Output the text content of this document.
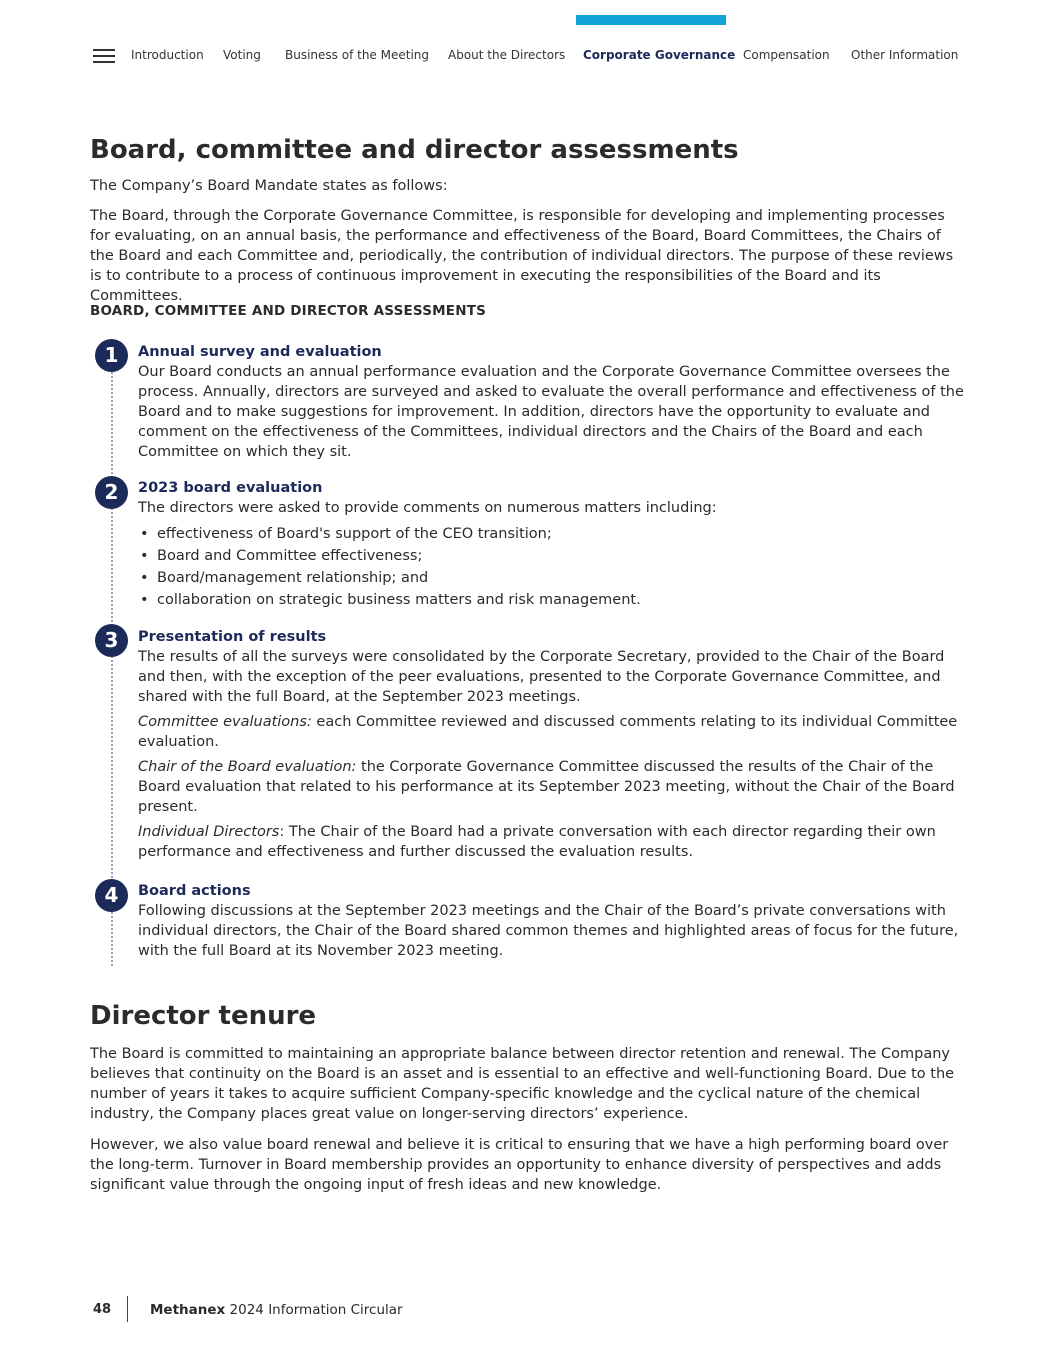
Introduction Voting Business of the Meeting About the Directors Corporate Governance Compensation Other Information
Board, committee and director assessments

The Company’s Board Mandate states as follows:

The Board, through the Corporate Governance Committee, is responsible for developing and implementing processes for evaluating, on an annual basis, the performance and effectiveness of the Board, Board Committees, the Chairs of the Board and each Committee and, periodically, the contribution of individual directors. The purpose of these reviews is to contribute to a process of continuous improvement in executing the responsibilities of the Board and its Committees.

BOARD, COMMITTEE AND DIRECTOR ASSESSMENTS
1	Annual survey and evaluation
Our Board conducts an annual performance evaluation and the Corporate Governance Committee oversees the process. Annually, directors are surveyed and asked to evaluate the overall performance and effectiveness of the Board and to make suggestions for improvement. In addition, directors have the opportunity to evaluate and comment on the effectiveness of the Committees, individual directors and the Chairs of the Board and each Committee on which they sit.
2	2023 board evaluation
The directors were asked to provide comments on numerous matters including:
• effectiveness of Board's support of the CEO transition;
• Board and Committee effectiveness;
• Board/management relationship; and
• collaboration on strategic business matters and risk management.
3	Presentation of results
The results of all the surveys were consolidated by the Corporate Secretary, provided to the Chair of the Board and then, with the exception of the peer evaluations, presented to the Corporate Governance Committee, and shared with the full Board, at the September 2023 meetings.
Committee evaluations: each Committee reviewed and discussed comments relating to its individual Committee evaluation.
Chair of the Board evaluation: the Corporate Governance Committee discussed the results of the Chair of the Board evaluation that related to his performance at its September 2023 meeting, without the Chair of the Board present.
Individual Directors: The Chair of the Board had a private conversation with each director regarding their own performance and effectiveness and further discussed the evaluation results.
4	Board actions
Following discussions at the September 2023 meetings and the Chair of the Board’s private conversations with individual directors, the Chair of the Board shared common themes and highlighted areas of focus for the future, with the full Board at its November 2023 meeting.
Director tenure

The Board is committed to maintaining an appropriate balance between director retention and renewal. The Company believes that continuity on the Board is an asset and is essential to an effective and well-functioning Board. Due to the number of years it takes to acquire sufficient Company-specific knowledge and the cyclical nature of the chemical industry, the Company places great value on longer-serving directors’ experience.

However, we also value board renewal and believe it is critical to ensuring that we have a high performing board over the long-term. Turnover in Board membership provides an opportunity to enhance diversity of perspectives and adds significant value through the ongoing input of fresh ideas and new knowledge.

48	Methanex 2024 Information Circular
